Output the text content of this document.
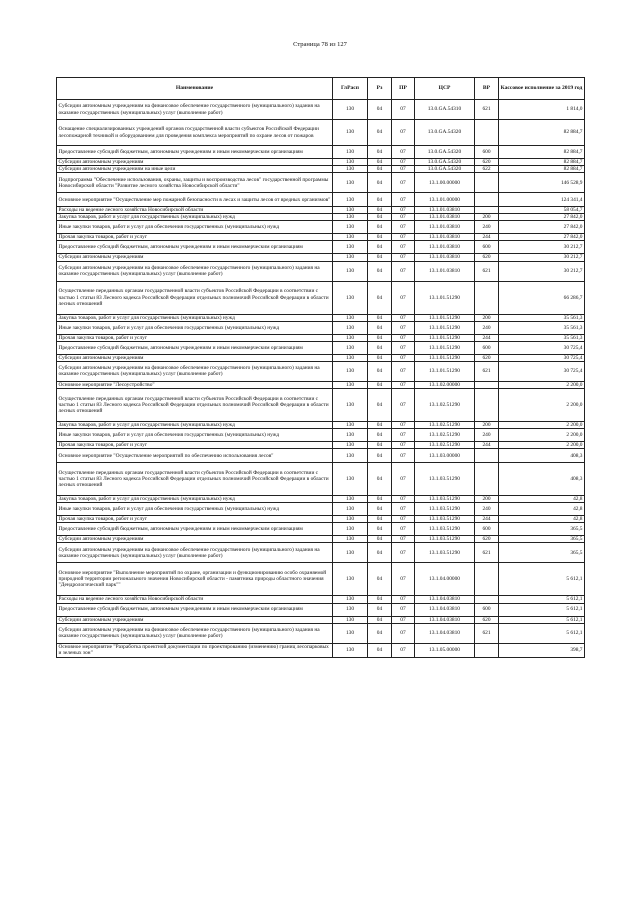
Страница 78 из 127
Наименование	ГлРасп	Рз	ПР	ЦСР	ВР	Кассовое исполнение за 2019 год
Субсидии автономным учреждениям на финансовое обеспечение государственного (муниципального) задания на оказание государственных (муниципальных) услуг (выполнение работ)	130	04	07	13.0.GA.54310	621	1 814,0
Оснащение специализированных учреждений органов государственной власти субъектов Российской Федерации лесопожарной техникой и оборудованием для проведения комплекса мероприятий по охране лесов от пожаров	130	04	07	13.0.GA.54320		82 884,7
Предоставление субсидий бюджетным, автономным учреждениям и иным некоммерческим организациям	130	04	07	13.0.GA.54320	600	82 884,7
Субсидии автономным учреждениям	130	04	07	13.0.GA.54320	620	82 884,7
Субсидии автономным учреждениям на иные цели	130	04	07	13.0.GA.54320	622	82 884,7
Подпрограмма "Обеспечение использования, охраны, защиты и воспроизводства лесов" государственной программы Новосибирской области "Развитие лесного хозяйства Новосибирской области"	130	04	07	13.1.00.00000		146 528,9
Основное мероприятие "Осуществление мер пожарной безопасности в лесах и защиты лесов от вредных организмов"	130	04	07	13.1.01.00000		124 341,4
Расходы на ведение лесного хозяйства Новосибирской области	130	04	07	13.1.01.03810		58 054,7
Закупка товаров, работ и услуг для государственных (муниципальных) нужд	130	04	07	13.1.01.03810	200	27 842,0
Иные закупки товаров, работ и услуг для обеспечения государственных (муниципальных) нужд	130	04	07	13.1.01.03810	240	27 842,0
Прочая закупка товаров, работ и услуг	130	04	07	13.1.01.03810	244	27 842,0
Предоставление субсидий бюджетным, автономным учреждениям и иным некоммерческим организациям	130	04	07	13.1.01.03810	600	30 212,7
Субсидии автономным учреждениям	130	04	07	13.1.01.03810	620	30 212,7
Субсидии автономным учреждениям на финансовое обеспечение государственного (муниципального) задания на оказание государственных (муниципальных) услуг (выполнение работ)	130	04	07	13.1.01.03810	621	30 212,7
Осуществление переданных органам государственной власти субъектов Российской Федерации в соответствии с частью 1 статьи 83 Лесного кодекса Российской Федерации отдельных полномочий Российской Федерации в области лесных отношений	130	04	07	13.1.01.51290		66 286,7
Закупка товаров, работ и услуг для государственных (муниципальных) нужд	130	04	07	13.1.01.51290	200	35 561,3
Иные закупки товаров, работ и услуг для обеспечения государственных (муниципальных) нужд	130	04	07	13.1.01.51290	240	35 561,3
Прочая закупка товаров, работ и услуг	130	04	07	13.1.01.51290	244	35 561,3
Предоставление субсидий бюджетным, автономным учреждениям и иным некоммерческим организациям	130	04	07	13.1.01.51290	600	30 725,4
Субсидии автономным учреждениям	130	04	07	13.1.01.51290	620	30 725,4
Субсидии автономным учреждениям на финансовое обеспечение государственного (муниципального) задания на оказание государственных (муниципальных) услуг (выполнение работ)	130	04	07	13.1.01.51290	621	30 725,4
Основное мероприятие "Лесоустройство"	130	04	07	13.1.02.00000		2 200,0
Осуществление переданных органам государственной власти субъектов Российской Федерации в соответствии с частью 1 статьи 83 Лесного кодекса Российской Федерации отдельных полномочий Российской Федерации в области лесных отношений	130	04	07	13.1.02.51290		2 200,0
Закупка товаров, работ и услуг для государственных (муниципальных) нужд	130	04	07	13.1.02.51290	200	2 200,0
Иные закупки товаров, работ и услуг для обеспечения государственных (муниципальных) нужд	130	04	07	13.1.02.51290	240	2 200,0
Прочая закупка товаров, работ и услуг	130	04	07	13.1.02.51290	244	2 200,0
Основное мероприятие "Осуществление мероприятий по обеспечению использования лесов"	130	04	07	13.1.03.00000		408,3
Осуществление переданных органам государственной власти субъектов Российской Федерации в соответствии с частью 1 статьи 83 Лесного кодекса Российской Федерации отдельных полномочий Российской Федерации в области лесных отношений	130	04	07	13.1.03.51290		408,3
Закупка товаров, работ и услуг для государственных (муниципальных) нужд	130	04	07	13.1.03.51290	200	42,8
Иные закупки товаров, работ и услуг для обеспечения государственных (муниципальных) нужд	130	04	07	13.1.03.51290	240	42,8
Прочая закупка товаров, работ и услуг	130	04	07	13.1.03.51290	244	42,8
Предоставление субсидий бюджетным, автономным учреждениям и иным некоммерческим организациям	130	04	07	13.1.03.51290	600	365,5
Субсидии автономным учреждениям	130	04	07	13.1.03.51290	620	365,5
Субсидии автономным учреждениям на финансовое обеспечение государственного (муниципального) задания на оказание государственных (муниципальных) услуг (выполнение работ)	130	04	07	13.1.03.51290	621	365,5
Основное мероприятие "Выполнение мероприятий по охране, организации и функционированию особо охраняемой природной территории регионального значения Новосибирской области - памятника природы областного значения "Дендрологический парк""	130	04	07	13.1.04.00000		5 612,1
Расходы на ведение лесного хозяйства Новосибирской области	130	04	07	13.1.04.03810		5 612,1
Предоставление субсидий бюджетным, автономным учреждениям и иным некоммерческим организациям	130	04	07	13.1.04.03810	600	5 612,1
Субсидии автономным учреждениям	130	04	07	13.1.04.03810	620	5 612,1
Субсидии автономным учреждениям на финансовое обеспечение государственного (муниципального) задания на оказание государственных (муниципальных) услуг (выполнение работ)	130	04	07	13.1.04.03810	621	5 612,1
Основное мероприятие "Разработка проектной документации по проектированию (изменению) границ лесопарковых и зеленых зон"	130	04	07	13.1.05.00000		398,7
